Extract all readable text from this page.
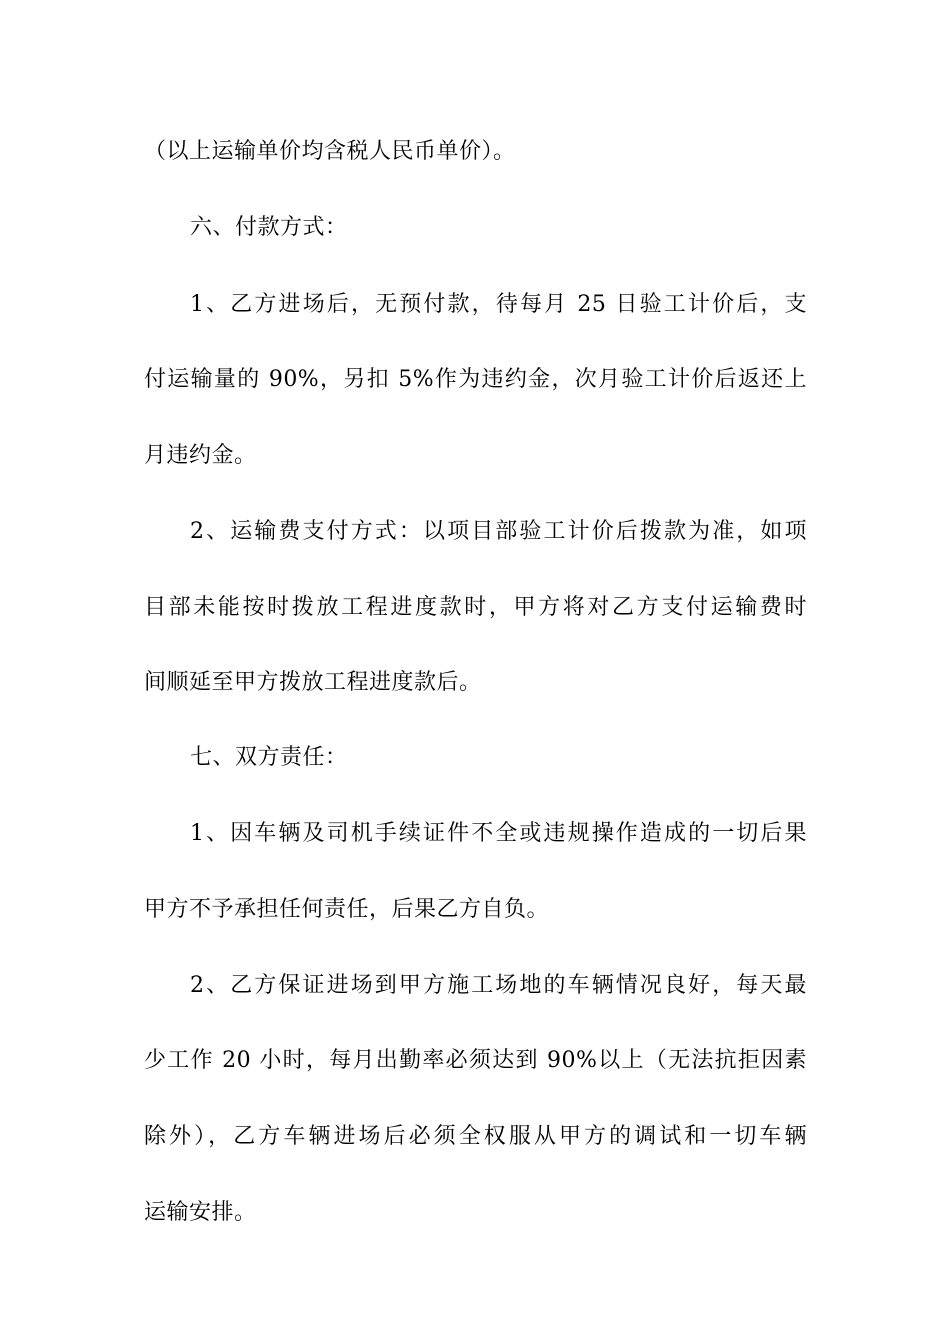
（以上运输单价均含税人民币单价）。
六、付款方式：
1、乙方进场后，无预付款，待每月 25 日验工计价后，支
付运输量的 90%，另扣 5%作为违约金，次月验工计价后返还上
月违约金。
2、运输费支付方式：以项目部验工计价后拨款为准，如项
目部未能按时拨放工程进度款时，甲方将对乙方支付运输费时
间顺延至甲方拨放工程进度款后。
七、双方责任：
1、因车辆及司机手续证件不全或违规操作造成的一切后果
甲方不予承担任何责任，后果乙方自负。
2、乙方保证进场到甲方施工场地的车辆情况良好，每天最
少工作 20 小时，每月出勤率必须达到 90%以上（无法抗拒因素
除外），乙方车辆进场后必须全权服从甲方的调试和一切车辆
运输安排。
